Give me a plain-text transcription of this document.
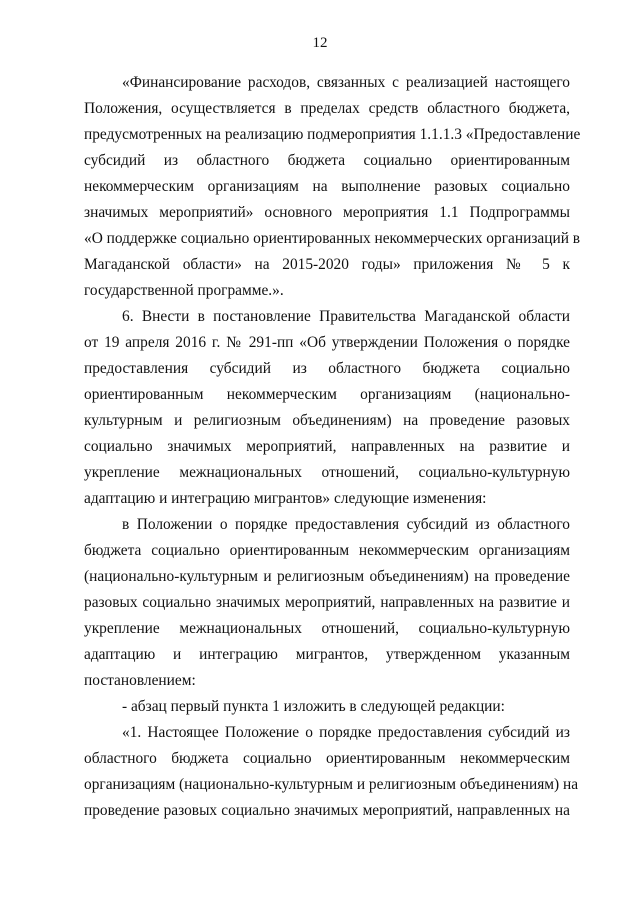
12
«Финансирование расходов, связанных с реализацией настоящего
Положения, осуществляется в пределах средств областного бюджета,
предусмотренных на реализацию подмероприятия 1.1.1.3 «Предоставление
субсидий из областного бюджета социально ориентированным
некоммерческим организациям на выполнение разовых социально
значимых мероприятий» основного мероприятия 1.1 Подпрограммы
«О поддержке социально ориентированных некоммерческих организаций в
Магаданской области» на 2015-2020 годы» приложения № 5 к
государственной программе.».
6. Внести в постановление Правительства Магаданской области
от 19 апреля 2016 г. № 291-пп «Об утверждении Положения о порядке
предоставления субсидий из областного бюджета социально
ориентированным некоммерческим организациям (национально-
культурным и религиозным объединениям) на проведение разовых
социально значимых мероприятий, направленных на развитие и
укрепление межнациональных отношений, социально-культурную
адаптацию и интеграцию мигрантов» следующие изменения:
в Положении о порядке предоставления субсидий из областного
бюджета социально ориентированным некоммерческим организациям
(национально-культурным и религиозным объединениям) на проведение
разовых социально значимых мероприятий, направленных на развитие и
укрепление межнациональных отношений, социально-культурную
адаптацию и интеграцию мигрантов, утвержденном указанным
постановлением:
- абзац первый пункта 1 изложить в следующей редакции:
«1. Настоящее Положение о порядке предоставления субсидий из
областного бюджета социально ориентированным некоммерческим
организациям (национально-культурным и религиозным объединениям) на
проведение разовых социально значимых мероприятий, направленных на
